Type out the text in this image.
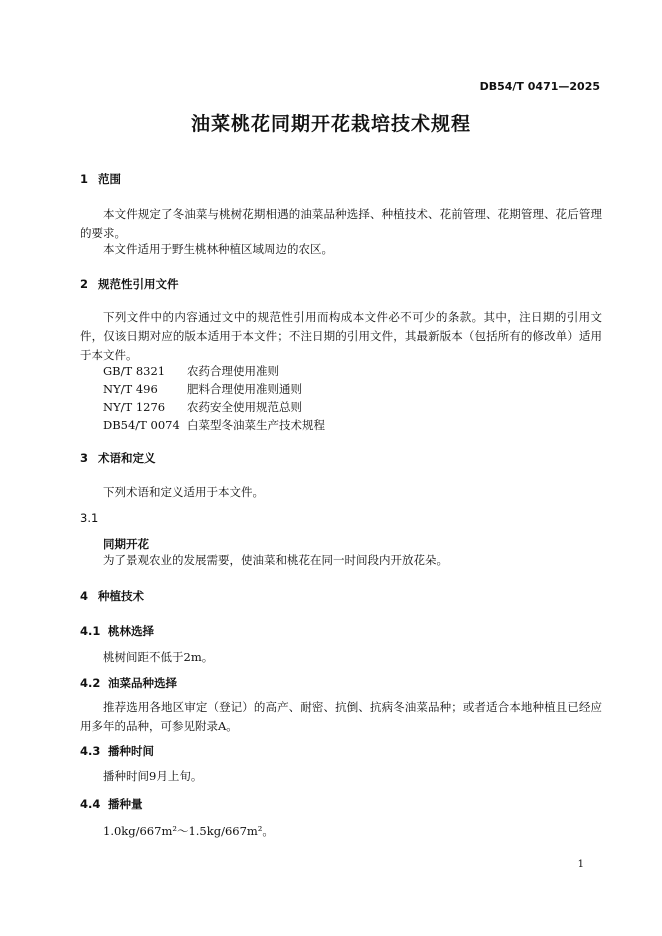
DB54/T 0471—2025
油菜桃花同期开花栽培技术规程
1 范围
本文件规定了冬油菜与桃树花期相遇的油菜品种选择、种植技术、花前管理、花期管理、花后管理的要求。
本文件适用于野生桃林种植区域周边的农区。
2 规范性引用文件
下列文件中的内容通过文中的规范性引用而构成本文件必不可少的条款。其中，注日期的引用文件，仅该日期对应的版本适用于本文件；不注日期的引用文件，其最新版本（包括所有的修改单）适用于本文件。
GB/T 8321 农药合理使用准则
NY/T 496	肥料合理使用准则通则
NY/T 1276 农药安全使用规范总则
DB54/T 0074 白菜型冬油菜生产技术规程
3 术语和定义
下列术语和定义适用于本文件。
3.1
同期开花
为了景观农业的发展需要，使油菜和桃花在同一时间段内开放花朵。
4 种植技术
4.1 桃林选择
桃树间距不低于2m。
4.2 油菜品种选择
推荐选用各地区审定（登记）的高产、耐密、抗倒、抗病冬油菜品种；或者适合本地种植且已经应用多年的品种，可参见附录A。
4.3 播种时间
播种时间9月上旬。
4.4 播种量
1.0kg/667m²～1.5kg/667m²。
1
